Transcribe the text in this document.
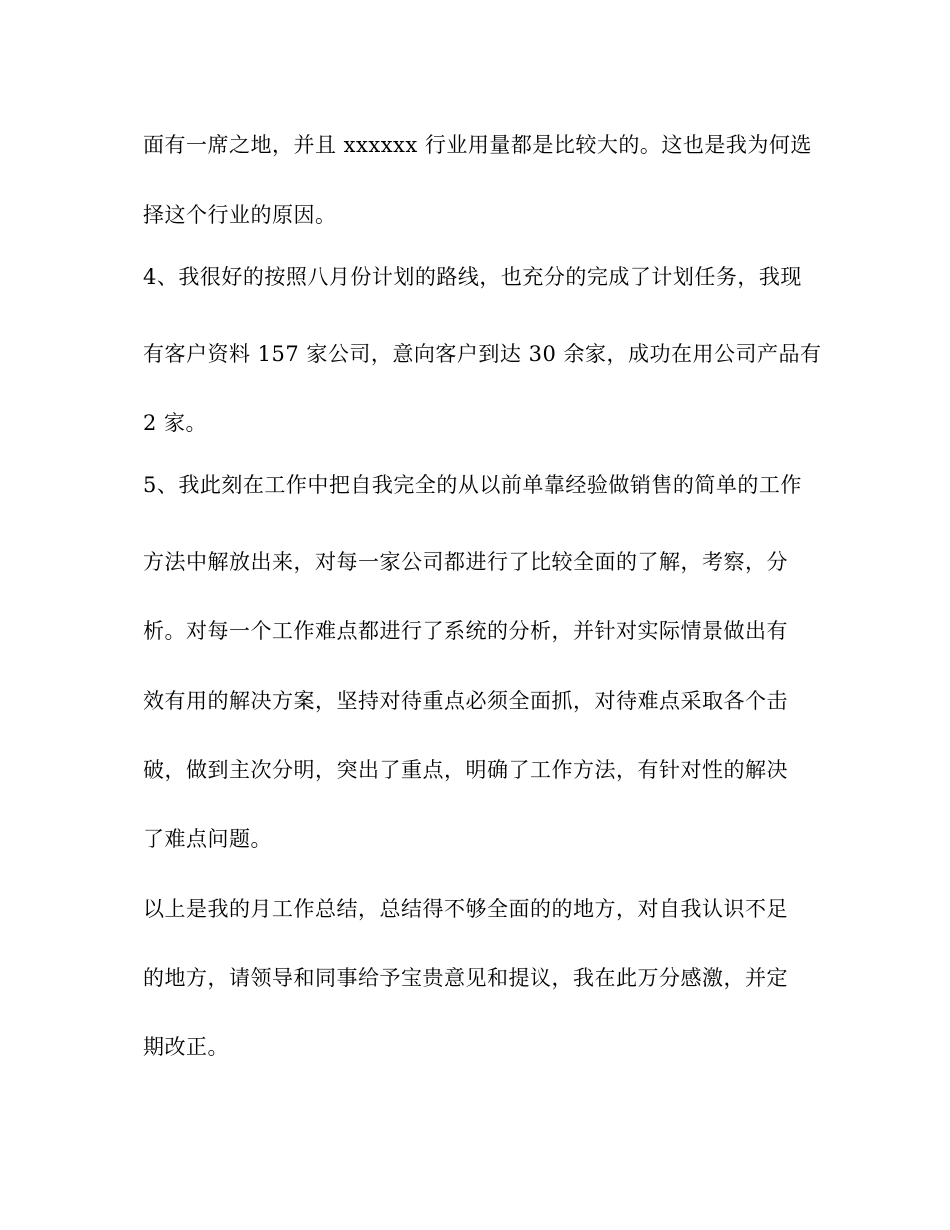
面有一席之地，并且 xxxxxx 行业用量都是比较大的。这也是我为何选
择这个行业的原因。
4、我很好的按照八月份计划的路线，也充分的完成了计划任务，我现
有客户资料 157 家公司，意向客户到达 30 余家，成功在用公司产品有
2 家。
5、我此刻在工作中把自我完全的从以前单靠经验做销售的简单的工作
方法中解放出来，对每一家公司都进行了比较全面的了解，考察，分
析。对每一个工作难点都进行了系统的分析，并针对实际情景做出有
效有用的解决方案，坚持对待重点必须全面抓，对待难点采取各个击
破，做到主次分明，突出了重点，明确了工作方法，有针对性的解决
了难点问题。
以上是我的月工作总结，总结得不够全面的的地方，对自我认识不足
的地方，请领导和同事给予宝贵意见和提议，我在此万分感激，并定
期改正。
